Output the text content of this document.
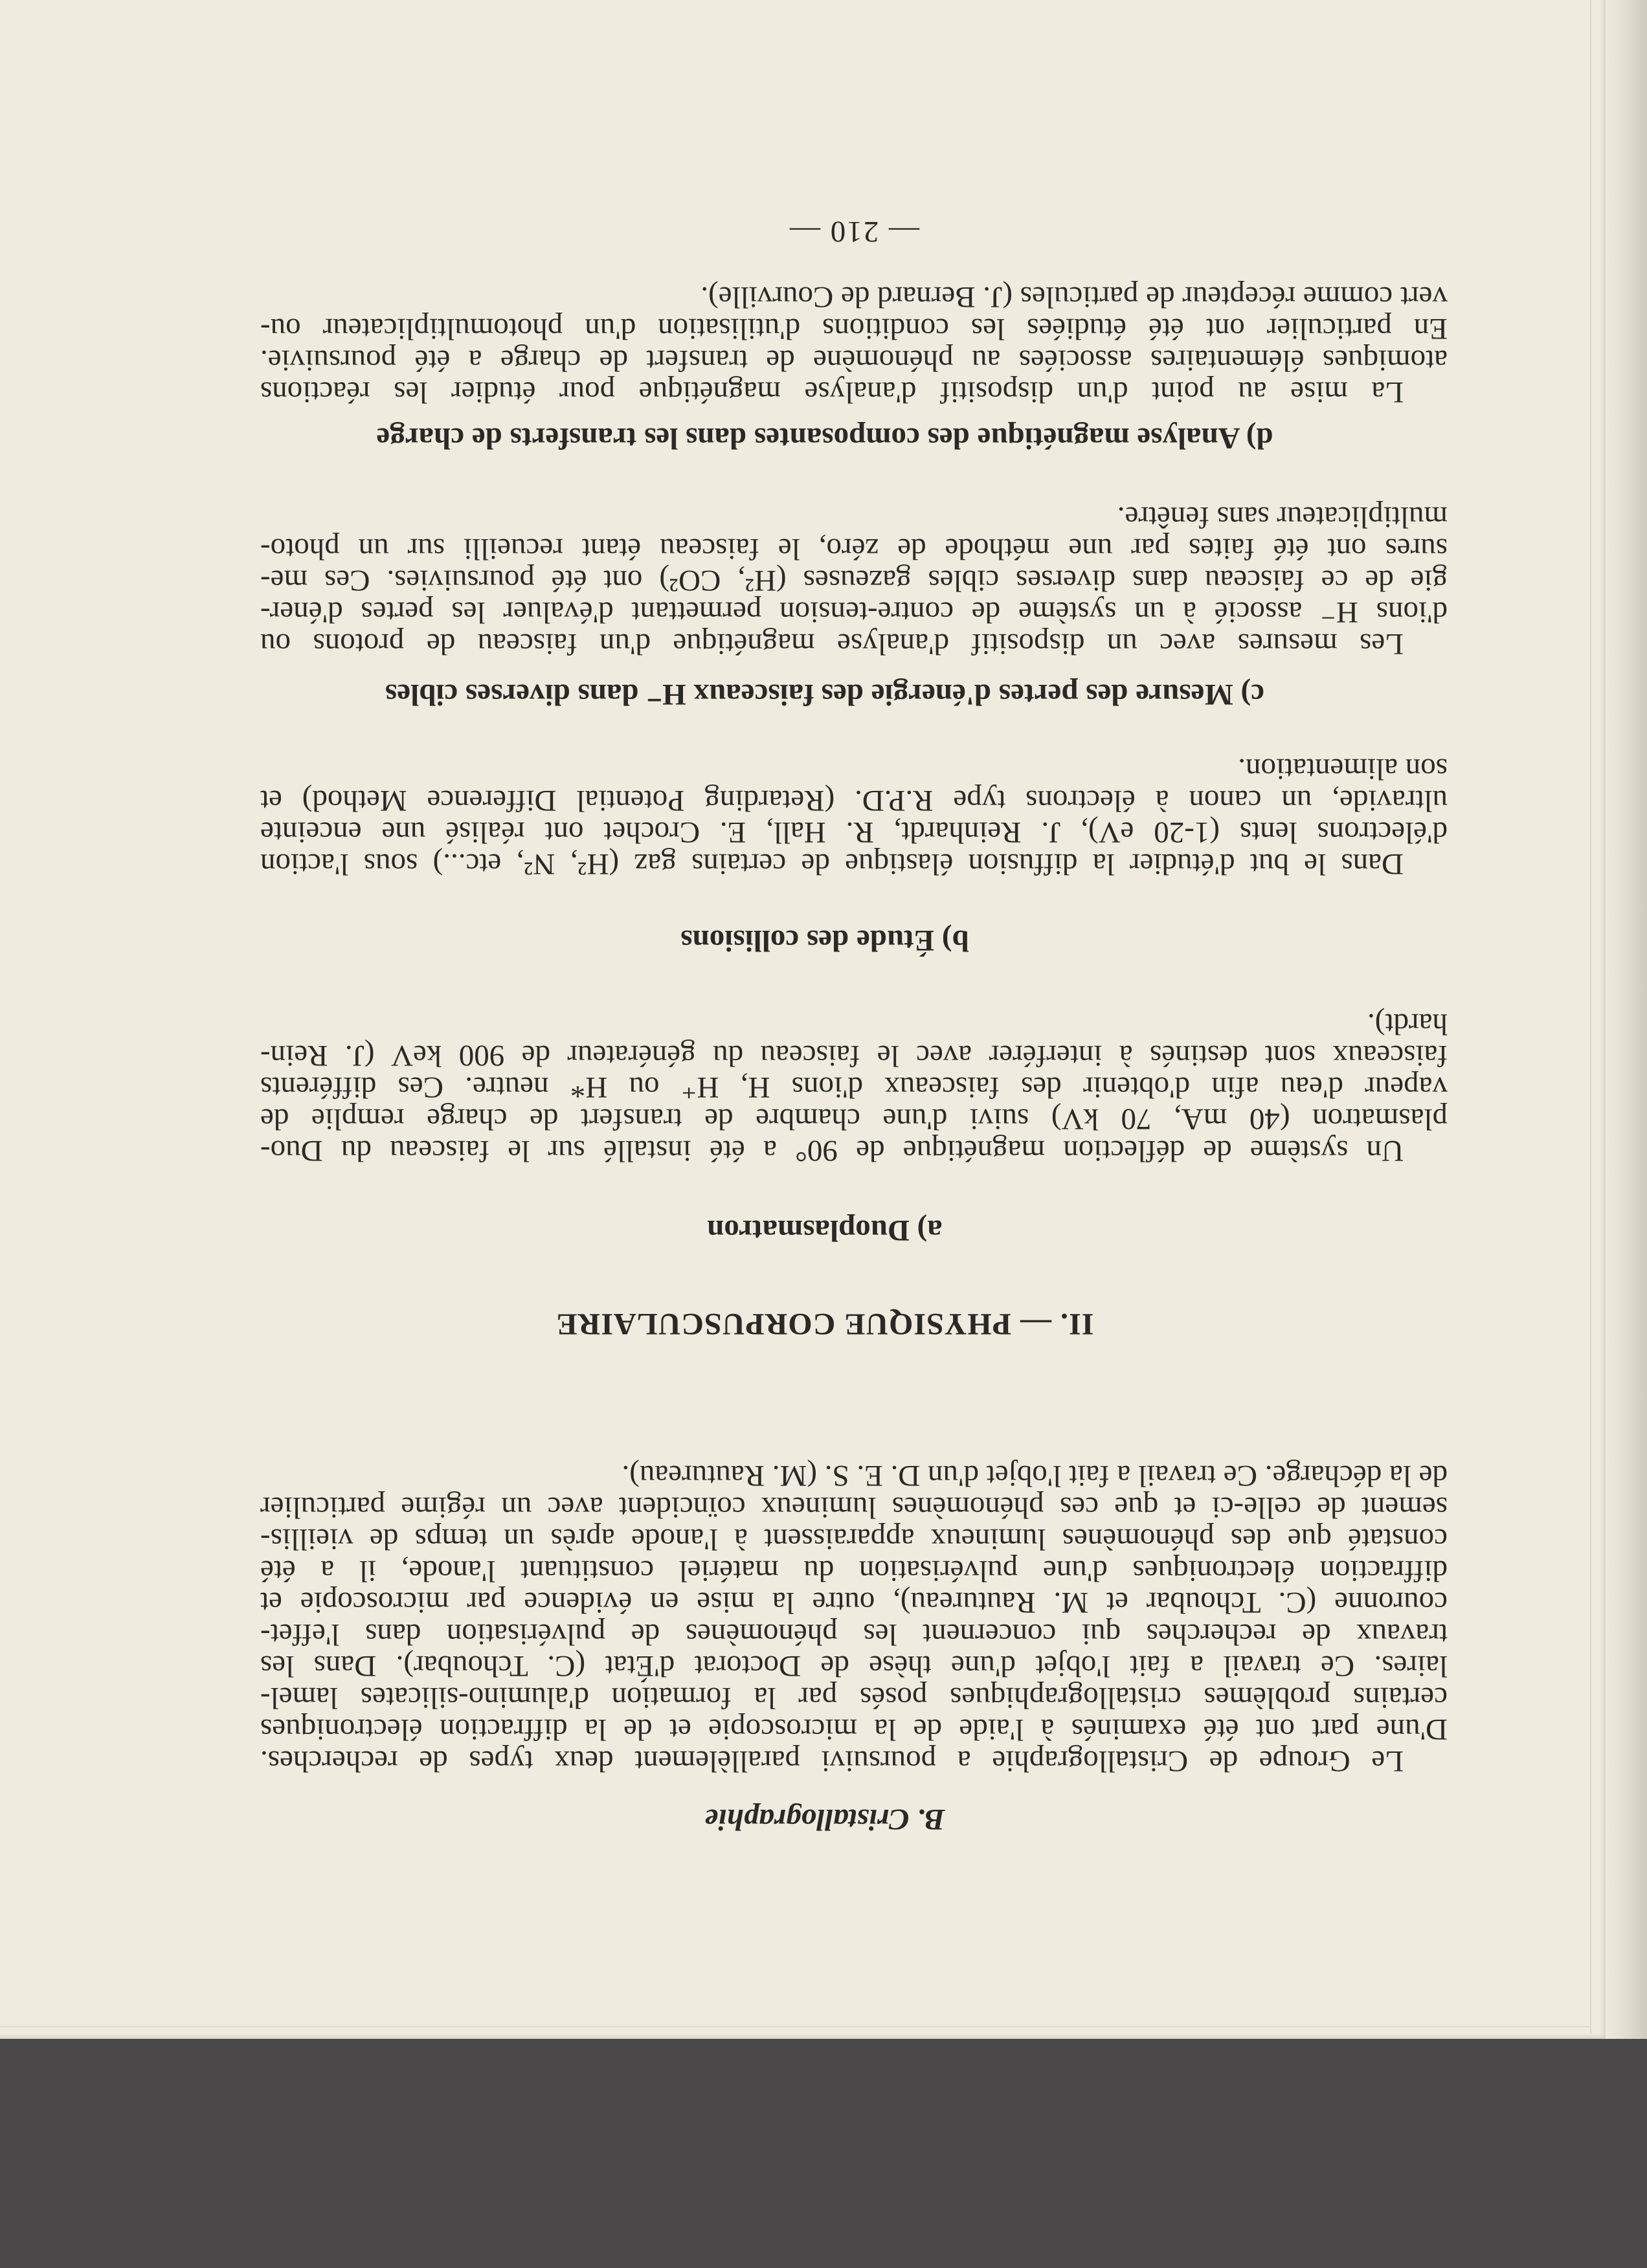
B. Cristallographie
Le Groupe de Cristallographie a poursuivi parallèlement deux types de recherches.
D'une part ont été examinés à l'aide de la microscopie et de la diffraction électroniques
certains problèmes cristallographiques posés par la formation d'alumino-silicates lamel-
laires. Ce travail a fait l'objet d'une thèse de Doctorat d'État (C. Tchoubar). Dans les
travaux de recherches qui concernent les phénomènes de pulvérisation dans l'effet-
couronne (C. Tchoubar et M. Rautureau), outre la mise en évidence par microscopie et
diffraction électroniques d'une pulvérisation du matériel constituant l'anode, il a été
constaté que des phénomènes lumineux apparaissent à l'anode après un temps de vieillis-
sement de celle-ci et que ces phénomènes lumineux coïncident avec un régime particulier
de la décharge. Ce travail a fait l'objet d'un D. E. S. (M. Rautureau).
II. — PHYSIQUE CORPUSCULAIRE
a) Duoplasmatron
Un système de déflection magnétique de 90° a été installé sur le faisceau du Duo-
plasmatron (40 mA, 70 kV) suivi d'une chambre de transfert de charge remplie de
vapeur d'eau afin d'obtenir des faisceaux d'ions H, H⁺ ou H* neutre. Ces différents
faisceaux sont destinés à interférer avec le faisceau du générateur de 900 keV (J. Rein-
hardt).
b) Étude des collisions
Dans le but d'étudier la diffusion élastique de certains gaz (H², N², etc...) sous l'action
d'électrons lents (1-20 eV), J. Reinhardt, R. Hall, E. Crochet ont réalisé une enceinte
ultravide, un canon à électrons type R.P.D. (Retarding Potential Difference Method) et
son alimentation.
c) Mesure des pertes d'énergie des faisceaux H⁻ dans diverses cibles
Les mesures avec un dispositif d'analyse magnétique d'un faisceau de protons ou
d'ions H⁻ associé à un système de contre-tension permettant d'évaluer les pertes d'éner-
gie de ce faisceau dans diverses cibles gazeuses (H², CO²) ont été poursuivies. Ces me-
sures ont été faites par une méthode de zéro, le faisceau étant recueilli sur un photo-
multiplicateur sans fenêtre.
d) Analyse magnétique des composantes dans les transferts de charge
La mise au point d'un dispositif d'analyse magnétique pour étudier les réactions
atomiques élémentaires associées au phénomène de transfert de charge a été poursuivie.
En particulier ont été étudiées les conditions d'utilisation d'un photomultiplicateur ou-
vert comme récepteur de particules (J. Bernard de Courville).
— 210 —
